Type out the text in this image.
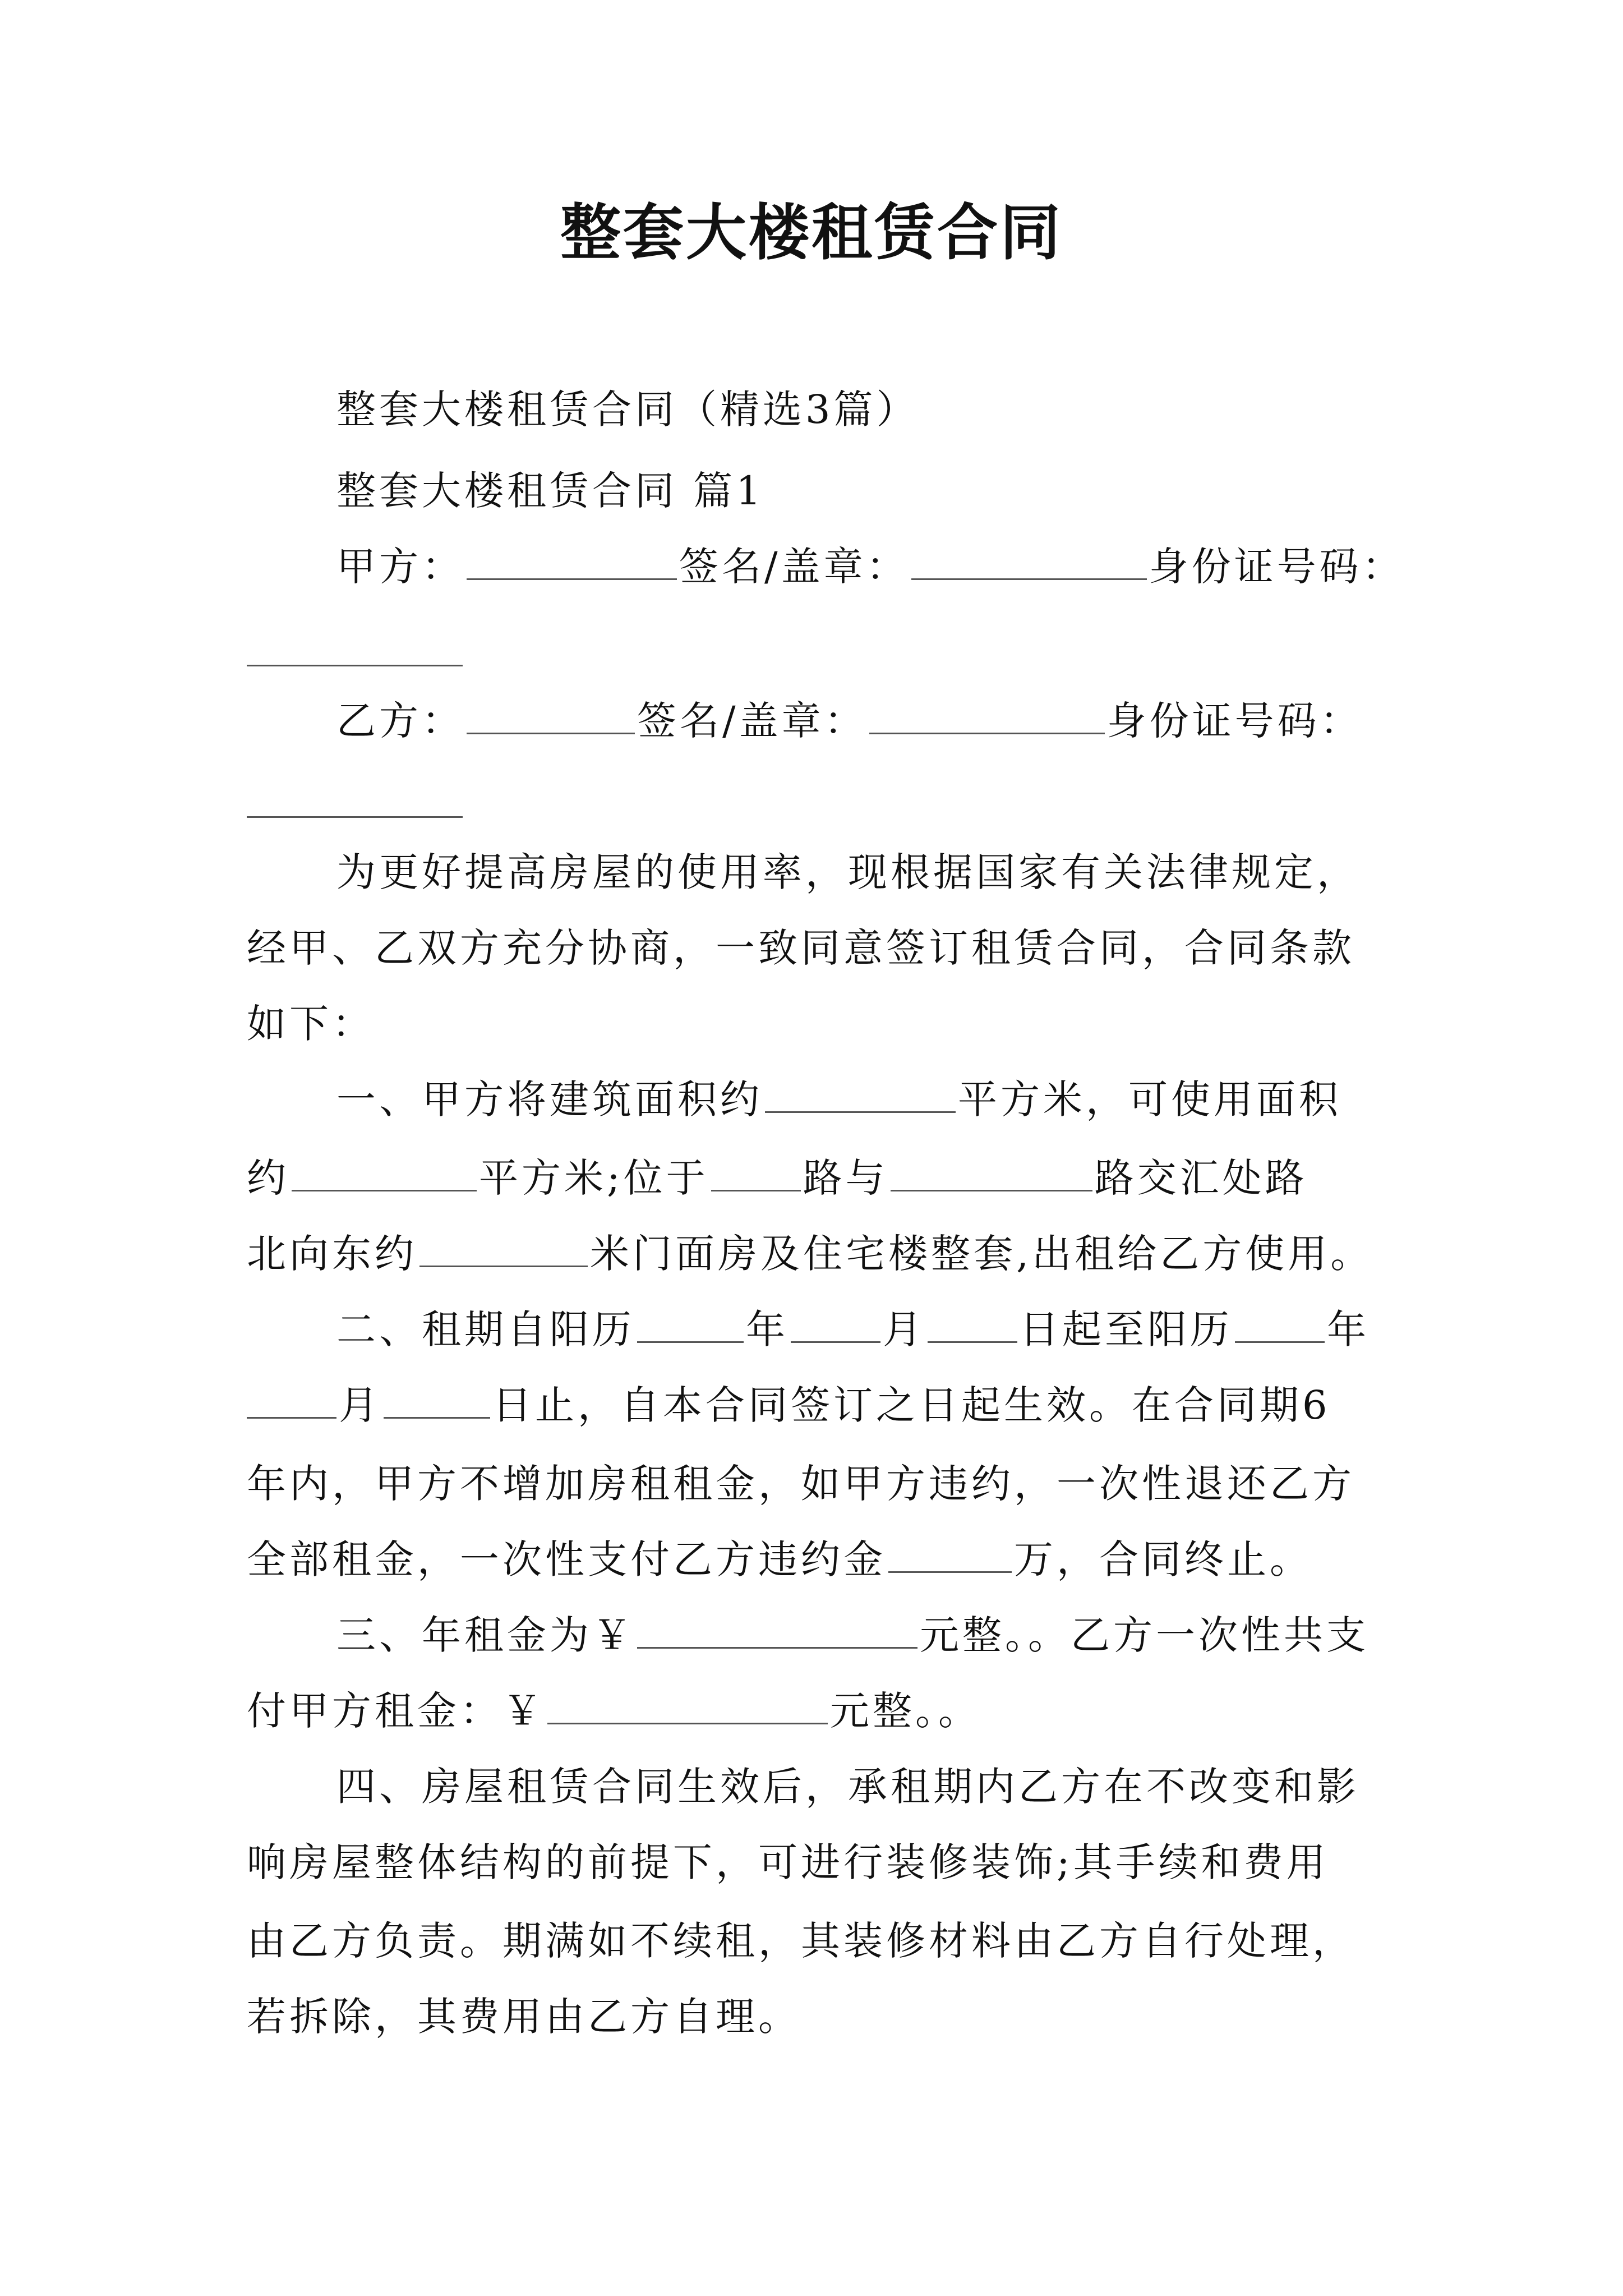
整套大楼租赁合同
整套大楼租赁合同（精选3篇）
整套大楼租赁合同 篇1
甲方：	签名/盖章：	身份证号码：
乙方：	签名/盖章：	身份证号码：
为更好提高房屋的使用率，现根据国家有关法律规定，
经甲、乙双方充分协商，一致同意签订租赁合同，合同条款
如下：
一、甲方将建筑面积约	平方米，可使用面积
约	平方米;位于 路与	路交汇处路
北向东约	米门面房及住宅楼整套,出租给乙方使用。
二、租期自阳历	年 月 日起至阳历 年
月	日止，自本合同签订之日起生效。在合同期6
年内，甲方不增加房租租金，如甲方违约，一次性退还乙方
全部租金，一次性支付乙方违约金	万，合同终止。
三、年租金为￥	元整。。乙方一次性共支
付甲方租金：￥	元整。。
四、房屋租赁合同生效后，承租期内乙方在不改变和影
响房屋整体结构的前提下，可进行装修装饰;其手续和费用
由乙方负责。期满如不续租，其装修材料由乙方自行处理，
若拆除，其费用由乙方自理。
